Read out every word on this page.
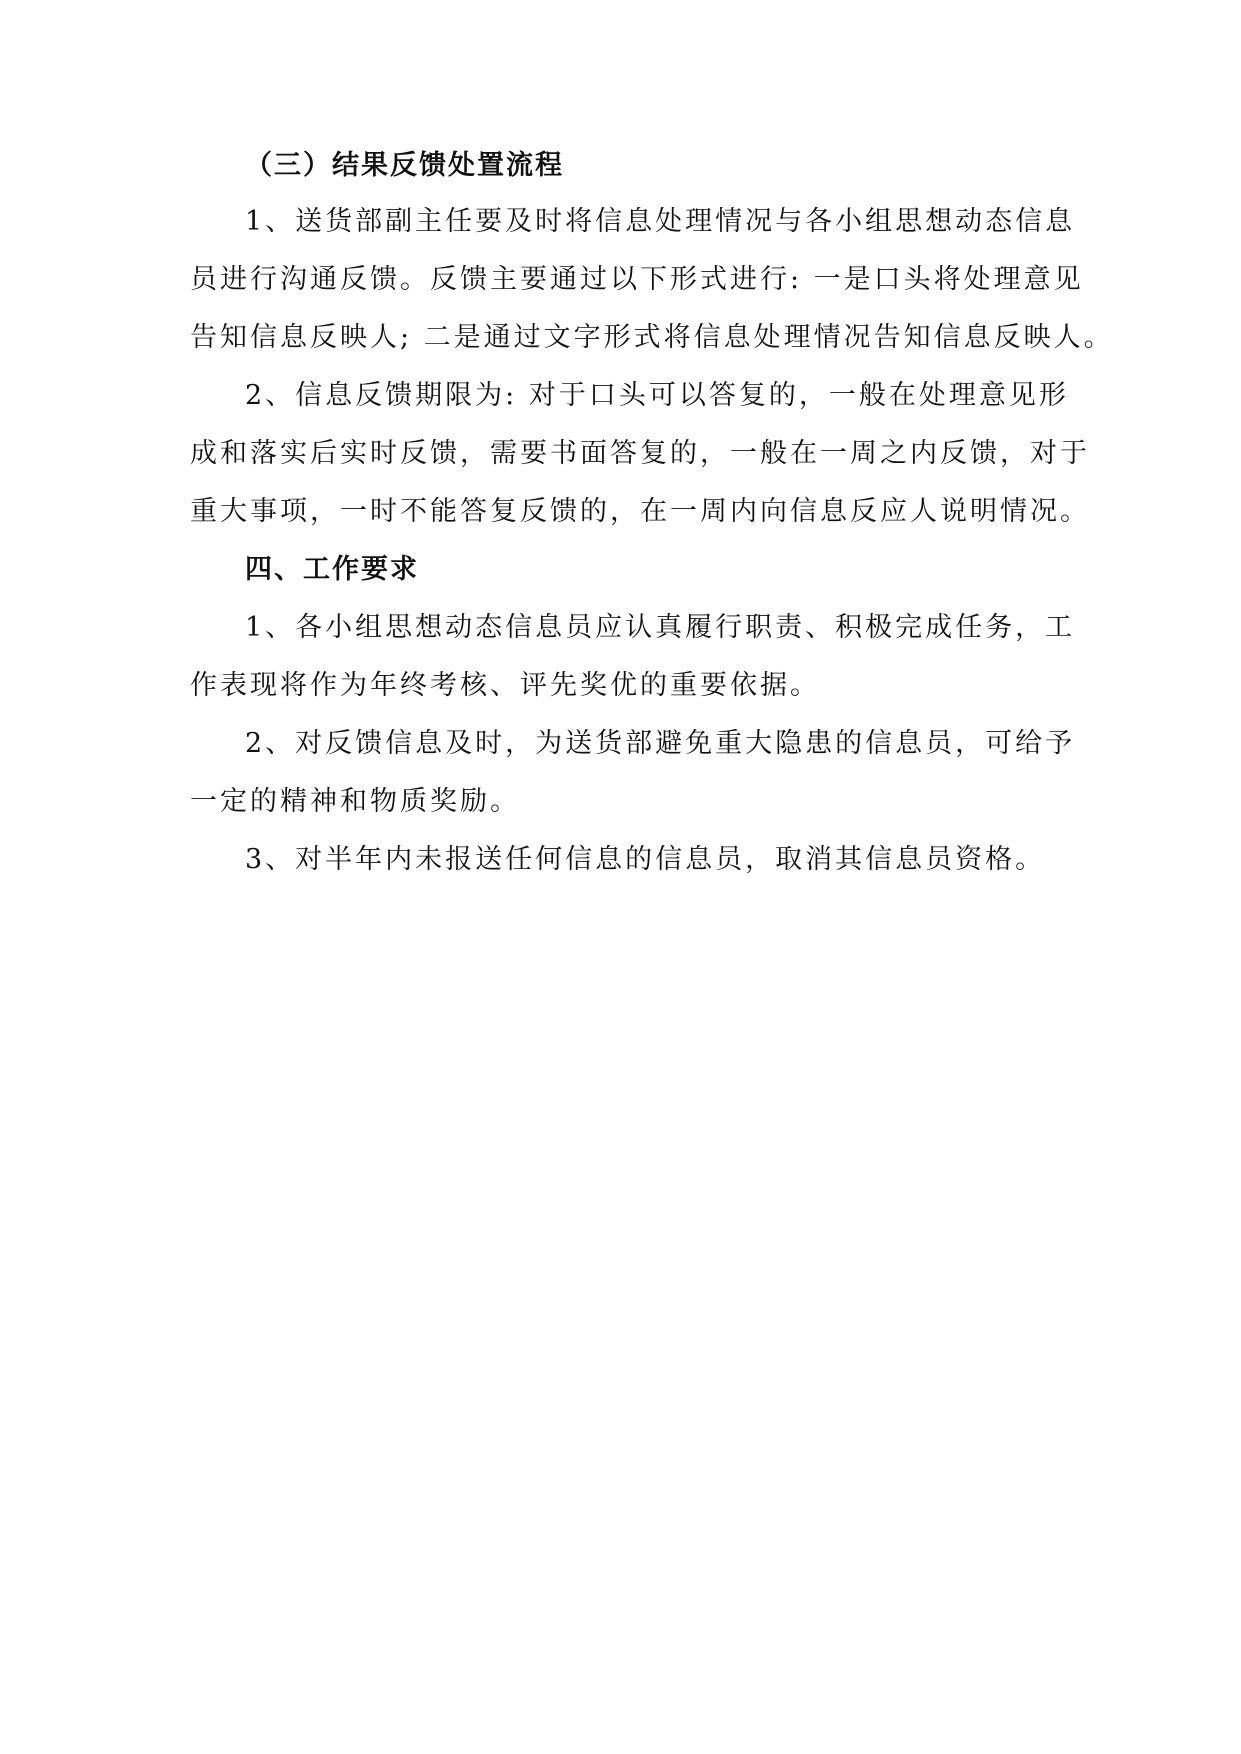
（三）结果反馈处置流程

1、送货部副主任要及时将信息处理情况与各小组思想动态信息

员进行沟通反馈。反馈主要通过以下形式进行: 一是口头将处理意见

告知信息反映人; 二是通过文字形式将信息处理情况告知信息反映人。

2、信息反馈期限为: 对于口头可以答复的，一般在处理意见形

成和落实后实时反馈，需要书面答复的，一般在一周之内反馈，对于

重大事项，一时不能答复反馈的，在一周内向信息反应人说明情况。

四、工作要求

1、各小组思想动态信息员应认真履行职责、积极完成任务，工

作表现将作为年终考核、评先奖优的重要依据。

2、对反馈信息及时，为送货部避免重大隐患的信息员，可给予

一定的精神和物质奖励。

3、对半年内未报送任何信息的信息员，取消其信息员资格。
